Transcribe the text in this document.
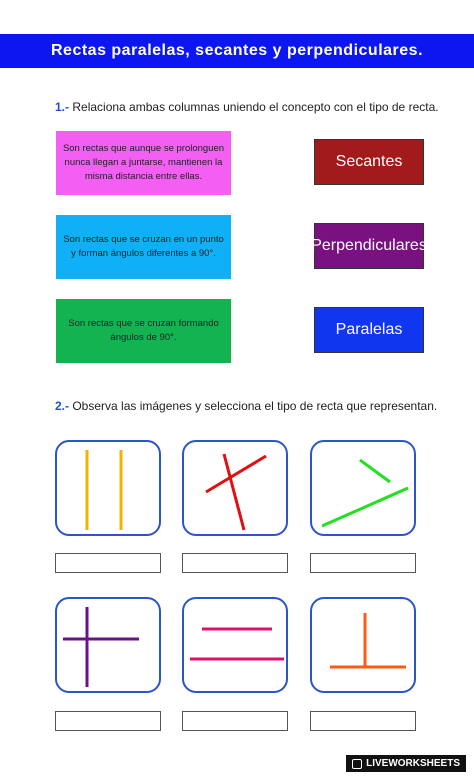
Rectas paralelas, secantes y perpendiculares.
1.- Relaciona ambas columnas uniendo el concepto con el tipo de recta.
Son rectas que aunque se prolonguen nunca llegan a juntarse, mantienen la misma distancia entre ellas.
Son rectas que se cruzan en un punto y forman ángulos diferentes a 90°.
Son rectas que se cruzan formando ángulos de 90°.
Secantes
Perpendiculares
Paralelas
2.- Observa las imágenes y selecciona el tipo de recta que representan.
LIVEWORKSHEETS
